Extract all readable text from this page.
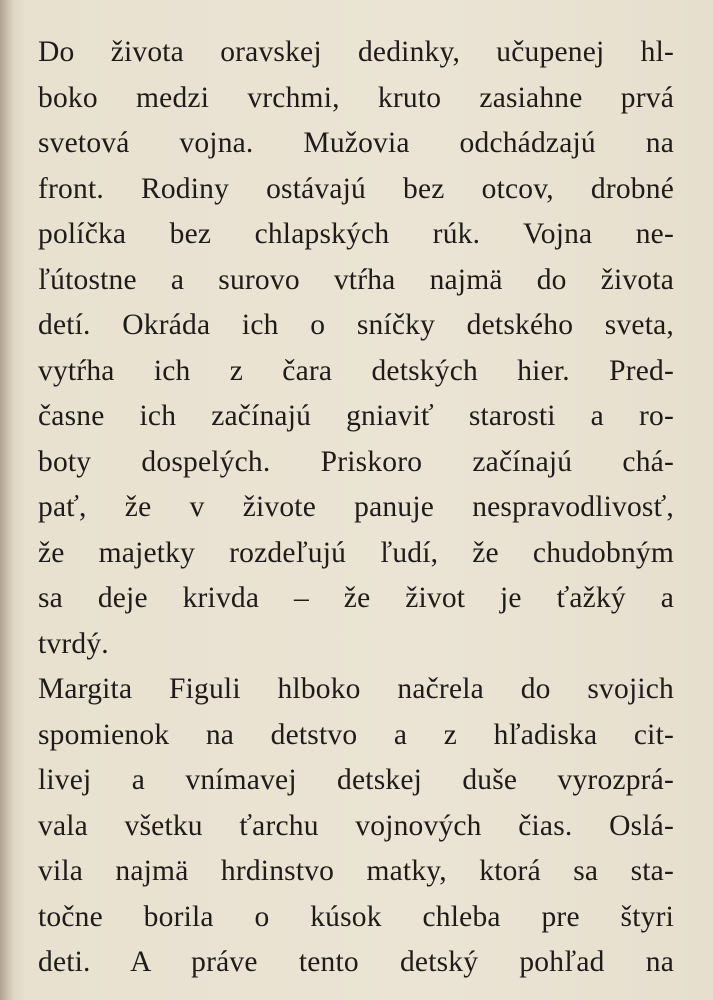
Do života oravskej dedinky, učupenej hl-
boko medzi vrchmi, kruto zasiahne prvá
svetová vojna. Mužovia odchádzajú na
front. Rodiny ostávajú bez otcov, drobné
políčka bez chlapských rúk. Vojna ne-
ľútostne a surovo vtŕha najmä do života
detí. Okráda ich o sníčky detského sveta,
vytŕha ich z čara detských hier. Pred-
časne ich začínajú gniaviť starosti a ro-
boty dospelých. Priskoro začínajú chá-
pať, že v živote panuje nespravodlivosť,
že majetky rozdeľujú ľudí, že chudobným
sa deje krivda – že život je ťažký a
tvrdý.
Margita Figuli hlboko načrela do svojich
spomienok na detstvo a z hľadiska cit-
livej a vnímavej detskej duše vyrozprá-
vala všetku ťarchu vojnových čias. Oslá-
vila najmä hrdinstvo matky, ktorá sa sta-
točne borila o kúsok chleba pre štyri
deti. A práve tento detský pohľad na
